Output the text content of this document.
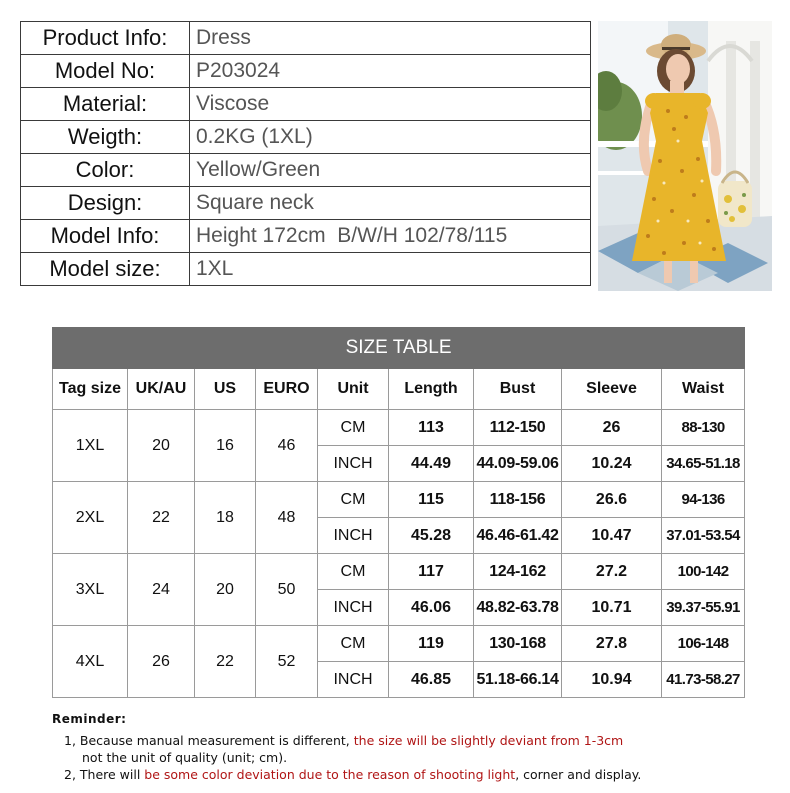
Product Info:	Dress
Model No:	P203024
Material:	Viscose
Weigth:	0.2KG (1XL)
Color:	Yellow/Green
Design:	Square neck
Model Info:	Height 172cm  B/W/H 102/78/115
Model size:	1XL
SIZE TABLE								
Tag size	UK/AU	US	EURO	Unit	Length	Bust	Sleeve	Waist
1XL	20	16	46	CM	113	112-150	26	88-130
				INCH	44.49	44.09-59.06	10.24	34.65-51.18
2XL	22	18	48	CM	115	118-156	26.6	94-136
				INCH	45.28	46.46-61.42	10.47	37.01-53.54
3XL	24	20	50	CM	117	124-162	27.2	100-142
				INCH	46.06	48.82-63.78	10.71	39.37-55.91
4XL	26	22	52	CM	119	130-168	27.8	106-148
				INCH	46.85	51.18-66.14	10.94	41.73-58.27
Reminder:
1, Because manual measurement is different, the size will be slightly deviant from 1-3cm
not the unit of quality (unit; cm).
2, There will be some color deviation due to the reason of shooting light, corner and display.
